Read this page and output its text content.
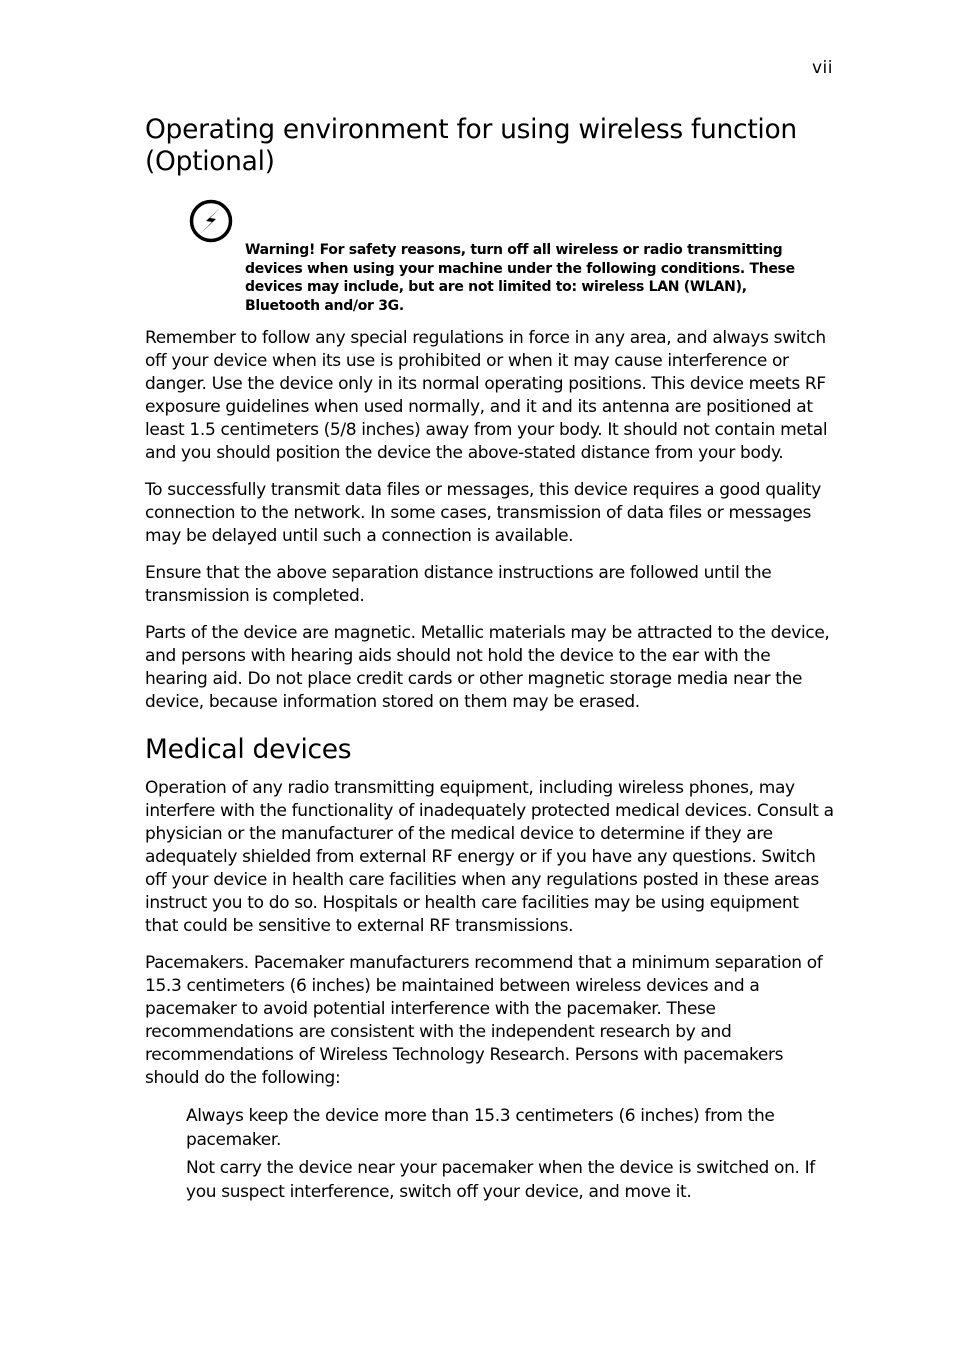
vii
Operating environment for using wireless function (Optional)
Warning! For safety reasons, turn off all wireless or radio transmitting devices when using your machine under the following conditions. These devices may include, but are not limited to: wireless LAN (WLAN), Bluetooth and/or 3G.

Remember to follow any special regulations in force in any area, and always switch off your device when its use is prohibited or when it may cause interference or danger. Use the device only in its normal operating positions. This device meets RF exposure guidelines when used normally, and it and its antenna are positioned at least 1.5 centimeters (5/8 inches) away from your body. It should not contain metal and you should position the device the above-stated distance from your body.

To successfully transmit data files or messages, this device requires a good quality connection to the network. In some cases, transmission of data files or messages may be delayed until such a connection is available.

Ensure that the above separation distance instructions are followed until the transmission is completed.

Parts of the device are magnetic. Metallic materials may be attracted to the device, and persons with hearing aids should not hold the device to the ear with the hearing aid. Do not place credit cards or other magnetic storage media near the device, because information stored on them may be erased.

Medical devices

Operation of any radio transmitting equipment, including wireless phones, may interfere with the functionality of inadequately protected medical devices. Consult a physician or the manufacturer of the medical device to determine if they are adequately shielded from external RF energy or if you have any questions. Switch off your device in health care facilities when any regulations posted in these areas instruct you to do so. Hospitals or health care facilities may be using equipment that could be sensitive to external RF transmissions.

Pacemakers. Pacemaker manufacturers recommend that a minimum separation of 15.3 centimeters (6 inches) be maintained between wireless devices and a pacemaker to avoid potential interference with the pacemaker. These recommendations are consistent with the independent research by and recommendations of Wireless Technology Research. Persons with pacemakers should do the following:

Always keep the device more than 15.3 centimeters (6 inches) from the pacemaker.
Not carry the device near your pacemaker when the device is switched on. If you suspect interference, switch off your device, and move it.
